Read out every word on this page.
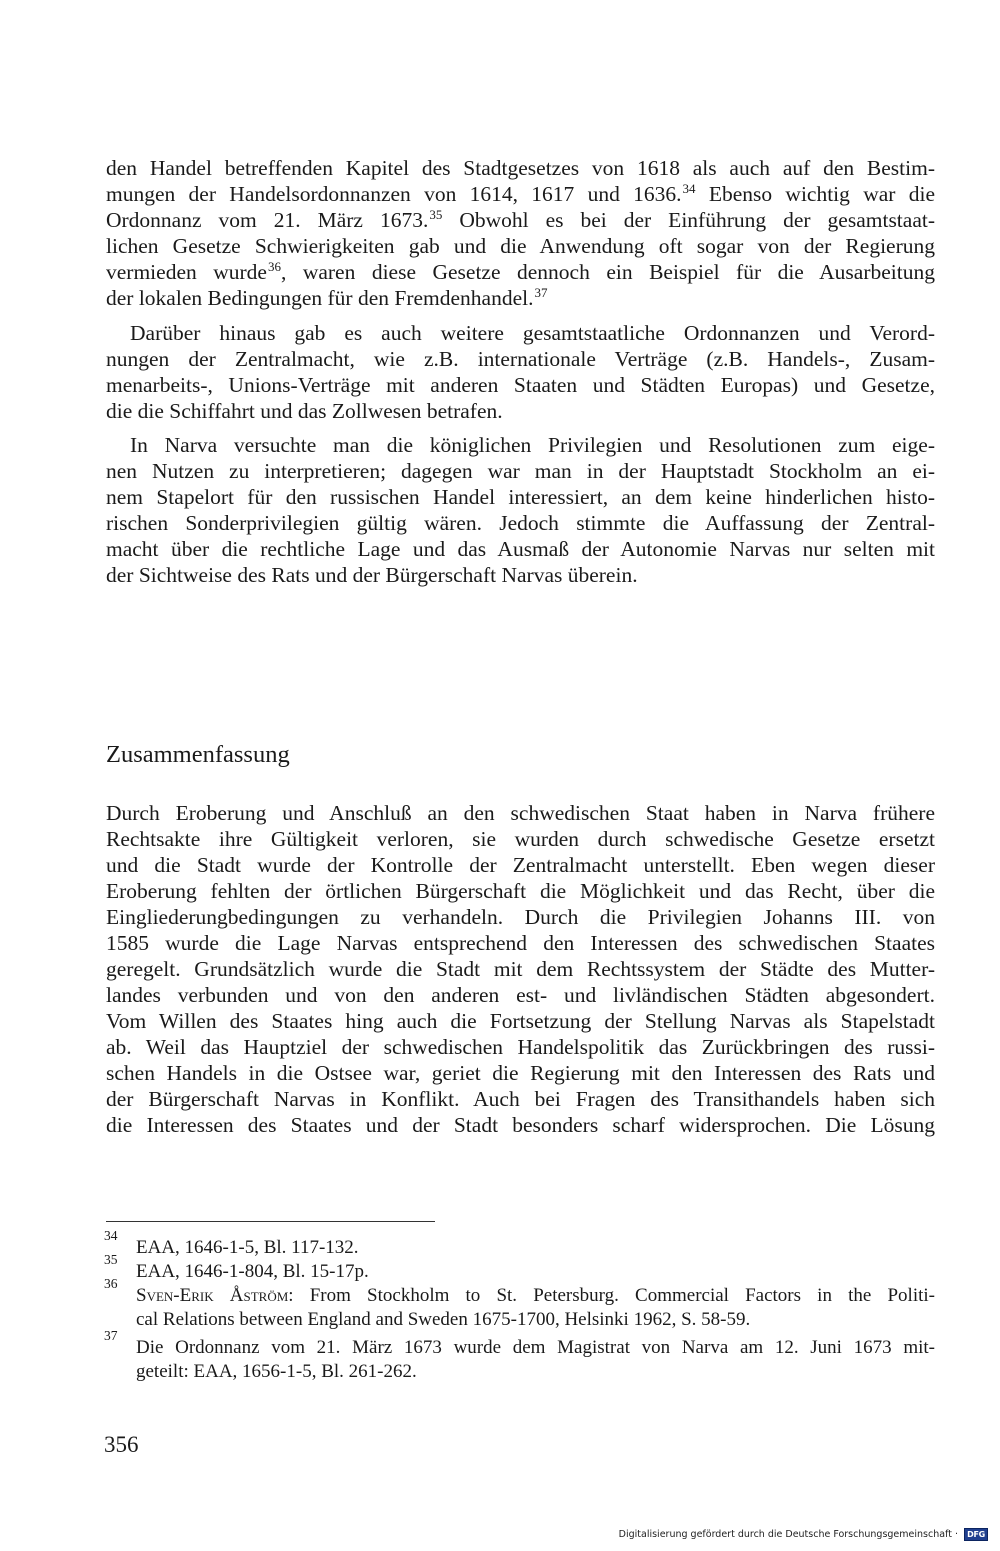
den Handel betreffenden Kapitel des Stadtgesetzes von 1618 als auch auf den Bestim-
mungen der Handelsordonnanzen von 1614, 1617 und 1636.34 Ebenso wichtig war die
Ordonnanz vom 21. März 1673.35 Obwohl es bei der Einführung der gesamtstaat-
lichen Gesetze Schwierigkeiten gab und die Anwendung oft sogar von der Regierung
vermieden wurde$^{36}$, waren diese Gesetze dennoch ein Beispiel für die Ausarbeitung
der lokalen Bedingungen für den Fremdenhandel.$^{37}$
Darüber hinaus gab es auch weitere gesamtstaatliche Ordonnanzen und Verord-
nungen der Zentralmacht, wie z.B. internationale Verträge (z.B. Handels-, Zusam-
menarbeits-, Unions-Verträge mit anderen Staaten und Städten Europas) und Gesetze,
die die Schiffahrt und das Zollwesen betrafen.
In Narva versuchte man die königlichen Privilegien und Resolutionen zum eige-
nen Nutzen zu interpretieren; dagegen war man in der Hauptstadt Stockholm an ei-
nem Stapelort für den russischen Handel interessiert, an dem keine hinderlichen histo-
rischen Sonderprivilegien gültig wären. Jedoch stimmte die Auffassung der Zentral-
macht über die rechtliche Lage und das Ausmaß der Autonomie Narvas nur selten mit
der Sichtweise des Rats und der Bürgerschaft Narvas überein.
Zusammenfassung
Durch Eroberung und Anschluß an den schwedischen Staat haben in Narva frühere
Rechtsakte ihre Gültigkeit verloren, sie wurden durch schwedische Gesetze ersetzt
und die Stadt wurde der Kontrolle der Zentralmacht unterstellt. Eben wegen dieser
Eroberung fehlten der örtlichen Bürgerschaft die Möglichkeit und das Recht, über die
Eingliederungbedingungen zu verhandeln. Durch die Privilegien Johanns III. von
1585 wurde die Lage Narvas entsprechend den Interessen des schwedischen Staates
geregelt. Grundsätzlich wurde die Stadt mit dem Rechtssystem der Städte des Mutter-
landes verbunden und von den anderen est- und livländischen Städten abgesondert.
Vom Willen des Staates hing auch die Fortsetzung der Stellung Narvas als Stapelstadt
ab. Weil das Hauptziel der schwedischen Handelspolitik das Zurückbringen des russi-
schen Handels in die Ostsee war, geriet die Regierung mit den Interessen des Rats und
der Bürgerschaft Narvas in Konflikt. Auch bei Fragen des Transithandels haben sich
die Interessen des Staates und der Stadt besonders scharf widersprochen. Die Lösung
34
EAA, 1646-1-5, Bl. 117-132.
35
EAA, 1646-1-804, Bl. 15-17p.
36
Sven-Erik Åström: From Stockholm to St. Petersburg. Commercial Factors in the Politi-
cal Relations between England and Sweden 1675-1700, Helsinki 1962, S. 58-59.
37
Die Ordonnanz vom 21. März 1673 wurde dem Magistrat von Narva am 12. Juni 1673 mit-
geteilt: EAA, 1656-1-5, Bl. 261-262.
356
Digitalisierung gefördert durch die Deutsche Forschungsgemeinschaft ·	DFG
